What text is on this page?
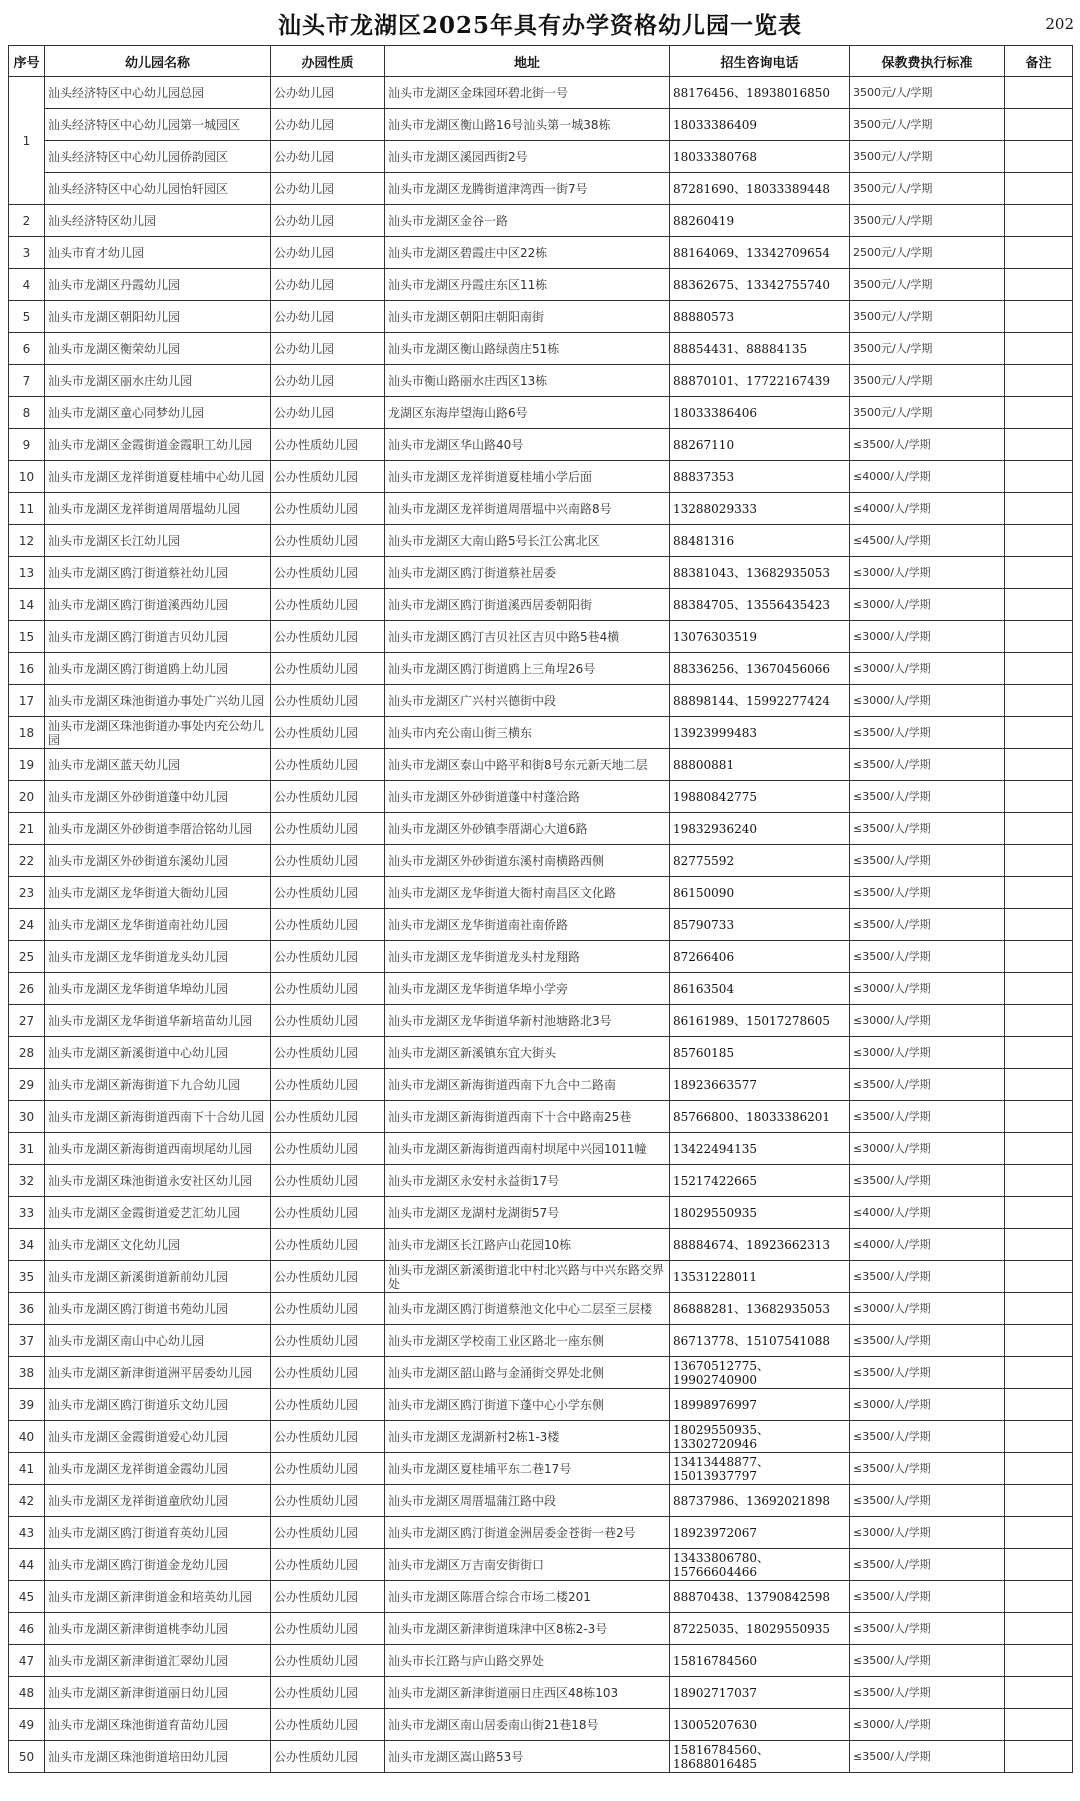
汕头市龙湖区2025年具有办学资格幼儿园一览表	202
序号	幼儿园名称	办园性质	地址	招生咨询电话	保教费执行标准	备注
1	汕头经济特区中心幼儿园总园	公办幼儿园	汕头市龙湖区金珠园环碧北街一号	88176456、18938016850	3500元/人/学期	
	汕头经济特区中心幼儿园第一城园区	公办幼儿园	汕头市龙湖区衡山路16号汕头第一城38栋	18033386409	3500元/人/学期	
	汕头经济特区中心幼儿园侨韵园区	公办幼儿园	汕头市龙湖区溪园西街2号	18033380768	3500元/人/学期	
	汕头经济特区中心幼儿园怡轩园区	公办幼儿园	汕头市龙湖区龙腾街道津湾西一街7号	87281690、18033389448	3500元/人/学期	
2	汕头经济特区幼儿园	公办幼儿园	汕头市龙湖区金谷一路	88260419	3500元/人/学期	
3	汕头市育才幼儿园	公办幼儿园	汕头市龙湖区碧霞庄中区22栋	88164069、13342709654	2500元/人/学期	
4	汕头市龙湖区丹霞幼儿园	公办幼儿园	汕头市龙湖区丹霞庄东区11栋	88362675、13342755740	3500元/人/学期	
5	汕头市龙湖区朝阳幼儿园	公办幼儿园	汕头市龙湖区朝阳庄朝阳南街	88880573	3500元/人/学期	
6	汕头市龙湖区衡荣幼儿园	公办幼儿园	汕头市龙湖区衡山路绿茵庄51栋	88854431、88884135	3500元/人/学期	
7	汕头市龙湖区丽水庄幼儿园	公办幼儿园	汕头市衡山路丽水庄西区13栋	88870101、17722167439	3500元/人/学期	
8	汕头市龙湖区童心同梦幼儿园	公办幼儿园	龙湖区东海岸望海山路6号	18033386406	3500元/人/学期	
9	汕头市龙湖区金霞街道金霞职工幼儿园	公办性质幼儿园	汕头市龙湖区华山路40号	88267110	≤3500/人/学期	
10	汕头市龙湖区龙祥街道夏桂埔中心幼儿园	公办性质幼儿园	汕头市龙湖区龙祥街道夏桂埔小学后面	88837353	≤4000/人/学期	
11	汕头市龙湖区龙祥街道周厝塭幼儿园	公办性质幼儿园	汕头市龙湖区龙祥街道周厝塭中兴南路8号	13288029333	≤4000/人/学期	
12	汕头市龙湖区长江幼儿园	公办性质幼儿园	汕头市龙湖区大南山路5号长江公寓北区	88481316	≤4500/人/学期	
13	汕头市龙湖区鸥汀街道蔡社幼儿园	公办性质幼儿园	汕头市龙湖区鸥汀街道蔡社居委	88381043、13682935053	≤3000/人/学期	
14	汕头市龙湖区鸥汀街道溪西幼儿园	公办性质幼儿园	汕头市龙湖区鸥汀街道溪西居委朝阳街	88384705、13556435423	≤3000/人/学期	
15	汕头市龙湖区鸥汀街道吉贝幼儿园	公办性质幼儿园	汕头市龙湖区鸥汀吉贝社区吉贝中路5巷4横	13076303519	≤3000/人/学期	
16	汕头市龙湖区鸥汀街道鸥上幼儿园	公办性质幼儿园	汕头市龙湖区鸥汀街道鸥上三角埕26号	88336256、13670456066	≤3000/人/学期	
17	汕头市龙湖区珠池街道办事处广兴幼儿园	公办性质幼儿园	汕头市龙湖区广兴村兴德街中段	88898144、15992277424	≤3000/人/学期	
18	汕头市龙湖区珠池街道办事处内充公幼儿园	公办性质幼儿园	汕头市内充公南山街三横东	13923999483	≤3500/人/学期	
19	汕头市龙湖区蓝天幼儿园	公办性质幼儿园	汕头市龙湖区泰山中路平和街8号东元新天地二层	88800881	≤3500/人/学期	
20	汕头市龙湖区外砂街道蓬中幼儿园	公办性质幼儿园	汕头市龙湖区外砂街道蓬中村蓬洽路	19880842775	≤3500/人/学期	
21	汕头市龙湖区外砂街道李厝洽铭幼儿园	公办性质幼儿园	汕头市龙湖区外砂镇李厝湖心大道6路	19832936240	≤3500/人/学期	
22	汕头市龙湖区外砂街道东溪幼儿园	公办性质幼儿园	汕头市龙湖区外砂街道东溪村南横路西侧	82775592	≤3500/人/学期	
23	汕头市龙湖区龙华街道大衙幼儿园	公办性质幼儿园	汕头市龙湖区龙华街道大衙村南昌区文化路	86150090	≤3500/人/学期	
24	汕头市龙湖区龙华街道南社幼儿园	公办性质幼儿园	汕头市龙湖区龙华街道南社南侨路	85790733	≤3500/人/学期	
25	汕头市龙湖区龙华街道龙头幼儿园	公办性质幼儿园	汕头市龙湖区龙华街道龙头村龙翔路	87266406	≤3500/人/学期	
26	汕头市龙湖区龙华街道华埠幼儿园	公办性质幼儿园	汕头市龙湖区龙华街道华埠小学旁	86163504	≤3000/人/学期	
27	汕头市龙湖区龙华街道华新培苗幼儿园	公办性质幼儿园	汕头市龙湖区龙华街道华新村池塘路北3号	86161989、15017278605	≤3000/人/学期	
28	汕头市龙湖区新溪街道中心幼儿园	公办性质幼儿园	汕头市龙湖区新溪镇东宜大街头	85760185	≤3000/人/学期	
29	汕头市龙湖区新海街道下九合幼儿园	公办性质幼儿园	汕头市龙湖区新海街道西南下九合中二路南	18923663577	≤3500/人/学期	
30	汕头市龙湖区新海街道西南下十合幼儿园	公办性质幼儿园	汕头市龙湖区新海街道西南下十合中路南25巷	85766800、18033386201	≤3500/人/学期	
31	汕头市龙湖区新海街道西南坝尾幼儿园	公办性质幼儿园	汕头市龙湖区新海街道西南村坝尾中兴园1011幢	13422494135	≤3000/人/学期	
32	汕头市龙湖区珠池街道永安社区幼儿园	公办性质幼儿园	汕头市龙湖区永安村永益街17号	15217422665	≤3500/人/学期	
33	汕头市龙湖区金霞街道爱艺汇幼儿园	公办性质幼儿园	汕头市龙湖区龙湖村龙湖街57号	18029550935	≤4000/人/学期	
34	汕头市龙湖区文化幼儿园	公办性质幼儿园	汕头市龙湖区长江路庐山花园10栋	88884674、18923662313	≤4000/人/学期	
35	汕头市龙湖区新溪街道新前幼儿园	公办性质幼儿园	汕头市龙湖区新溪街道北中村北兴路与中兴东路交界处	13531228011	≤3500/人/学期	
36	汕头市龙湖区鸥汀街道书苑幼儿园	公办性质幼儿园	汕头市龙湖区鸥汀街道蔡池文化中心二层至三层楼	86888281、13682935053	≤3000/人/学期	
37	汕头市龙湖区南山中心幼儿园	公办性质幼儿园	汕头市龙湖区学校南工业区路北一座东侧	86713778、15107541088	≤3500/人/学期	
38	汕头市龙湖区新津街道洲平居委幼儿园	公办性质幼儿园	汕头市龙湖区韶山路与金涌街交界处北侧	13670512775、19902740900	≤3500/人/学期	
39	汕头市龙湖区鸥汀街道乐文幼儿园	公办性质幼儿园	汕头市龙湖区鸥汀街道下蓬中心小学东侧	18998976997	≤3000/人/学期	
40	汕头市龙湖区金霞街道爱心幼儿园	公办性质幼儿园	汕头市龙湖区龙湖新村2栋1-3楼	18029550935、13302720946	≤3500/人/学期	
41	汕头市龙湖区龙祥街道金霞幼儿园	公办性质幼儿园	汕头市龙湖区夏桂埔平东二巷17号	13413448877、15013937797	≤3500/人/学期	
42	汕头市龙湖区龙祥街道童欣幼儿园	公办性质幼儿园	汕头市龙湖区周厝塭蒲江路中段	88737986、13692021898	≤3500/人/学期	
43	汕头市龙湖区鸥汀街道育英幼儿园	公办性质幼儿园	汕头市龙湖区鸥汀街道金洲居委金苍街一巷2号	18923972067	≤3000/人/学期	
44	汕头市龙湖区鸥汀街道金龙幼儿园	公办性质幼儿园	汕头市龙湖区万吉南安街街口	13433806780、15766604466	≤3500/人/学期	
45	汕头市龙湖区新津街道金和培英幼儿园	公办性质幼儿园	汕头市龙湖区陈厝合综合市场二楼201	88870438、13790842598	≤3500/人/学期	
46	汕头市龙湖区新津街道桃李幼儿园	公办性质幼儿园	汕头市龙湖区新津街道珠津中区8栋2-3号	87225035、18029550935	≤3500/人/学期	
47	汕头市龙湖区新津街道汇翠幼儿园	公办性质幼儿园	汕头市长江路与庐山路交界处	15816784560	≤3500/人/学期	
48	汕头市龙湖区新津街道丽日幼儿园	公办性质幼儿园	汕头市龙湖区新津街道丽日庄西区48栋103	18902717037	≤3500/人/学期	
49	汕头市龙湖区珠池街道育苗幼儿园	公办性质幼儿园	汕头市龙湖区南山居委南山街21巷18号	13005207630	≤3000/人/学期	
50	汕头市龙湖区珠池街道培田幼儿园	公办性质幼儿园	汕头市龙湖区嵩山路53号	15816784560、18688016485	≤3500/人/学期	
